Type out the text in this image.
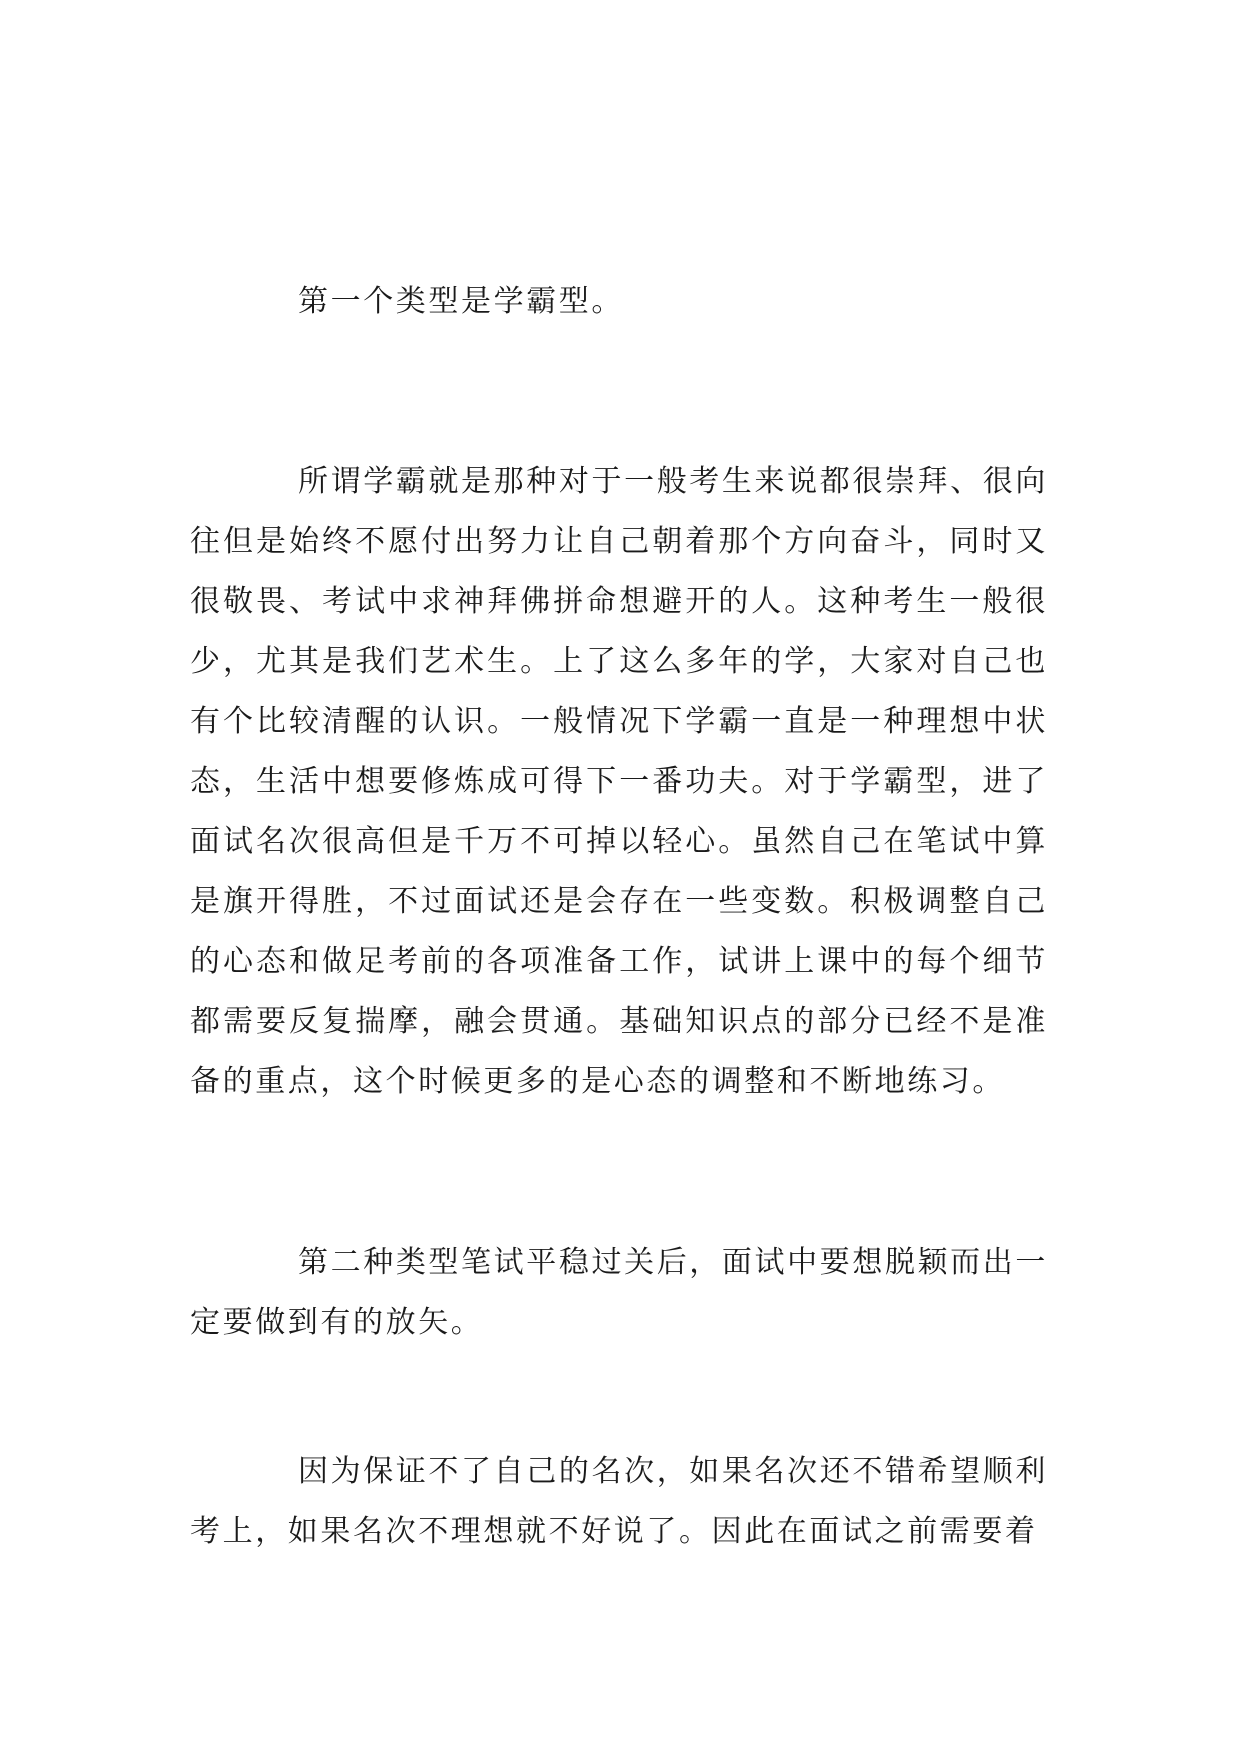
第一个类型是学霸型。

所谓学霸就是那种对于一般考生来说都很崇拜、很向往但是始终不愿付出努力让自己朝着那个方向奋斗，同时又很敬畏、考试中求神拜佛拼命想避开的人。这种考生一般很少，尤其是我们艺术生。上了这么多年的学，大家对自己也有个比较清醒的认识。一般情况下学霸一直是一种理想中状态，生活中想要修炼成可得下一番功夫。对于学霸型，进了面试名次很高但是千万不可掉以轻心。虽然自己在笔试中算是旗开得胜，不过面试还是会存在一些变数。积极调整自己的心态和做足考前的各项准备工作，试讲上课中的每个细节都需要反复揣摩，融会贯通。基础知识点的部分已经不是准备的重点，这个时候更多的是心态的调整和不断地练习。

第二种类型笔试平稳过关后，面试中要想脱颖而出一定要做到有的放矢。

因为保证不了自己的名次，如果名次还不错希望顺利考上，如果名次不理想就不好说了。因此在面试之前需要着
